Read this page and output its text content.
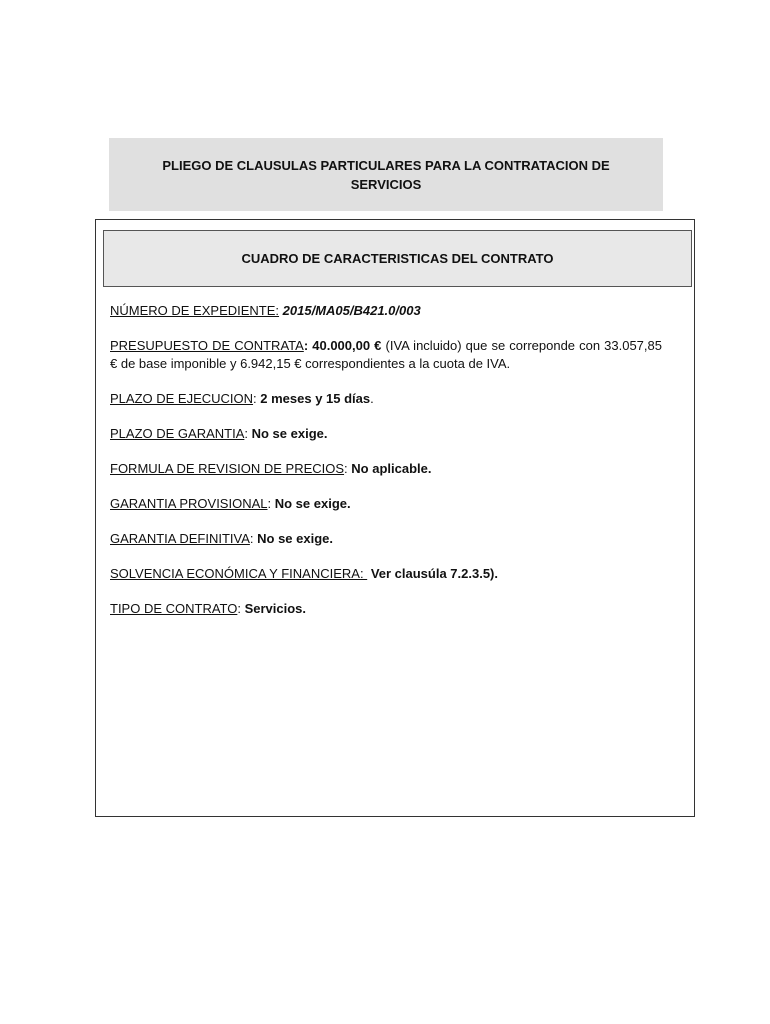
PLIEGO DE CLAUSULAS PARTICULARES PARA LA CONTRATACION DE SERVICIOS
CUADRO DE CARACTERISTICAS DEL CONTRATO

NÚMERO DE EXPEDIENTE: 2015/MA05/B421.0/003

PRESUPUESTO DE CONTRATA: 40.000,00 € (IVA incluido) que se correponde con 33.057,85 € de base imponible y 6.942,15 € correspondientes a la cuota de IVA.

PLAZO DE EJECUCION: 2 meses y 15 días.

PLAZO DE GARANTIA: No se exige.

FORMULA DE REVISION DE PRECIOS: No aplicable.

GARANTIA PROVISIONAL: No se exige.

GARANTIA DEFINITIVA: No se exige.

SOLVENCIA ECONÓMICA Y FINANCIERA:  Ver clausúla 7.2.3.5).

TIPO DE CONTRATO: Servicios.
